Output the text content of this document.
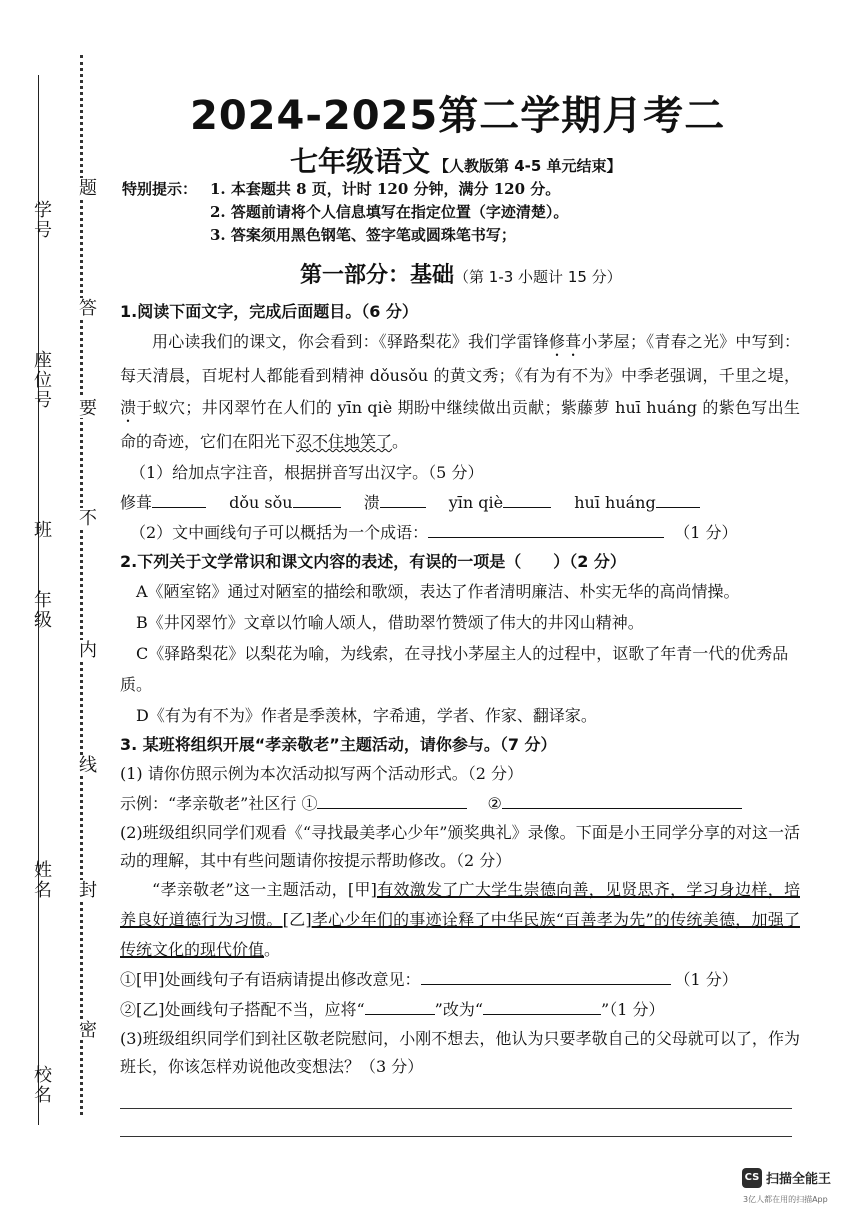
学号
座位号
班
年级
姓名
校名
题
答
要
不
内
线
封
密
2024-2025第二学期月考二
七年级语文 【人教版第 4-5 单元结束】
特别提示： 1. 本套题共 8 页，计时 120 分钟，满分 120 分。
2. 答题前请将个人信息填写在指定位置（字迹清楚）。
3. 答案须用黑色钢笔、签字笔或圆珠笔书写；
第一部分：基础（第 1-3 小题计 15 分）

1.阅读下面文字，完成后面题目。（6 分）

用心读我们的课文，你会看到：《驿路梨花》我们学雷锋修葺小茅屋；《青春之光》中写到：每天清晨，百坭村人都能看到精神 dǒusǒu 的黄文秀；《有为有不为》中季老强调，千里之堤，溃于蚁穴；井冈翠竹在人们的 yīn qiè 期盼中继续做出贡献；紫藤萝 huī huáng 的紫色写出生命的奇迹，它们在阳光下忍不住地笑了。

（1）给加点字注音，根据拼音写出汉字。（5 分）

修葺	dǒu sǒu	溃	yīn qiè	huī huáng

（2）文中画线句子可以概括为一个成语：	（1 分）

2.下列关于文学常识和课文内容的表述，有误的一项是（　　）（2 分）

A《陋室铭》通过对陋室的描绘和歌颂，表达了作者清明廉洁、朴实无华的高尚情操。

B《井冈翠竹》文章以竹喻人颂人，借助翠竹赞颂了伟大的井冈山精神。

C《驿路梨花》以梨花为喻，为线索，在寻找小茅屋主人的过程中，讴歌了年青一代的优秀品质。

D《有为有不为》作者是季羡林，字希逋，学者、作家、翻译家。

3. 某班将组织开展“孝亲敬老”主题活动，请你参与。（7 分）

(1) 请你仿照示例为本次活动拟写两个活动形式。（2 分）

示例：“孝亲敬老”社区行 ①	②

(2)班级组织同学们观看《“寻找最美孝心少年”颁奖典礼》录像。下面是小王同学分享的对这一活动的理解，其中有些问题请你按提示帮助修改。（2 分）

“孝亲敬老”这一主题活动，[甲]有效激发了广大学生崇德向善，见贤思齐，学习身边样，培养良好道德行为习惯。[乙]孝心少年们的事迹诠释了中华民族“百善孝为先”的传统美德，加强了传统文化的现代价值。

①[甲]处画线句子有语病请提出修改意见：	（1 分）

②[乙]处画线句子搭配不当，应将“	”改为“	”（1 分）

(3)班级组织同学们到社区敬老院慰问，小刚不想去，他认为只要孝敬自己的父母就可以了，作为班长，你该怎样劝说他改变想法？（3 分）

CS 扫描全能王
3亿人都在用的扫描App
